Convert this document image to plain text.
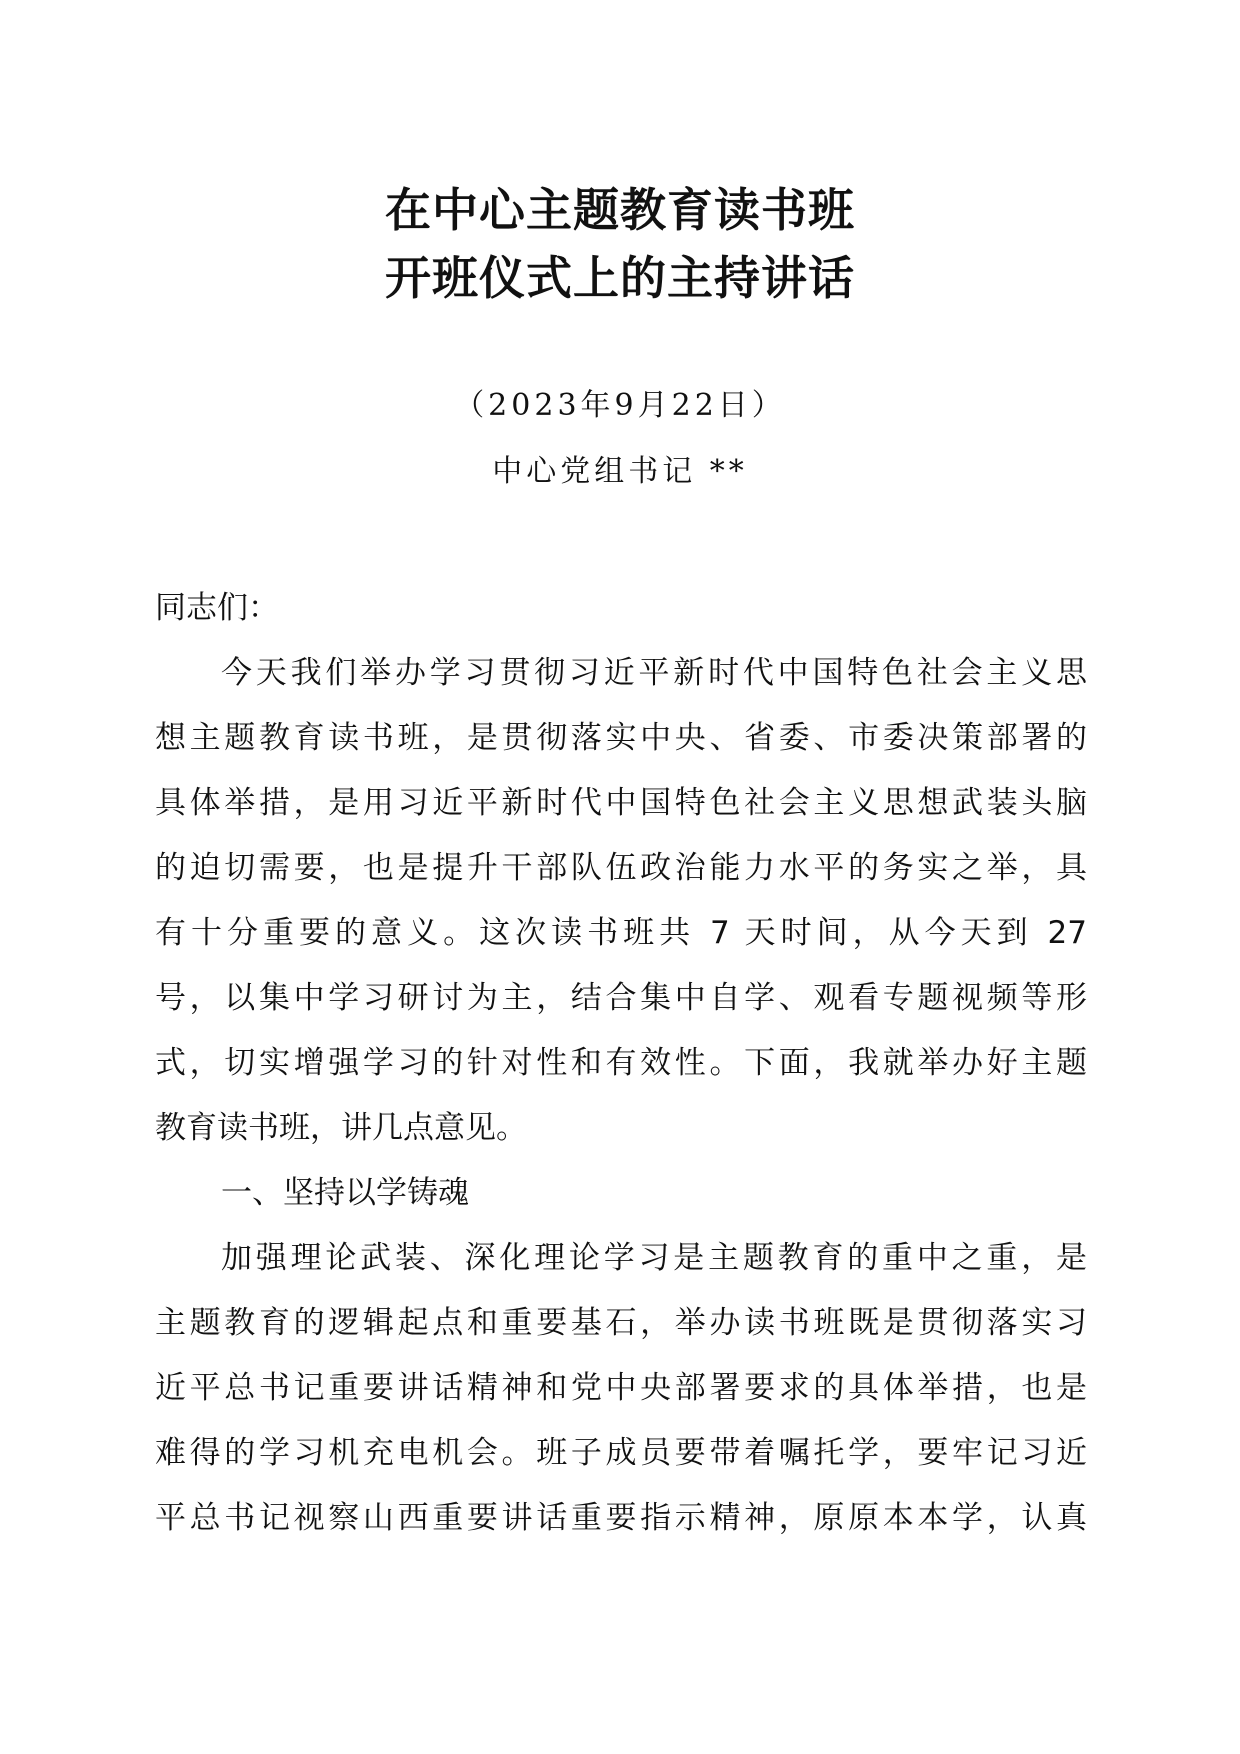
在中心主题教育读书班
开班仪式上的主持讲话
（2023年9月22日）
中心党组书记 **
同志们：
今天我们举办学习贯彻习近平新时代中国特色社会主义思
想主题教育读书班，是贯彻落实中央、省委、市委决策部署的
具体举措，是用习近平新时代中国特色社会主义思想武装头脑
的迫切需要，也是提升干部队伍政治能力水平的务实之举，具
有十分重要的意义。这次读书班共 7 天时间，从今天到 27
号，以集中学习研讨为主，结合集中自学、观看专题视频等形
式，切实增强学习的针对性和有效性。下面，我就举办好主题
教育读书班，讲几点意见。
一、坚持以学铸魂
加强理论武装、深化理论学习是主题教育的重中之重，是
主题教育的逻辑起点和重要基石，举办读书班既是贯彻落实习
近平总书记重要讲话精神和党中央部署要求的具体举措，也是
难得的学习机充电机会。班子成员要带着嘱托学，要牢记习近
平总书记视察山西重要讲话重要指示精神，原原本本学，认真
